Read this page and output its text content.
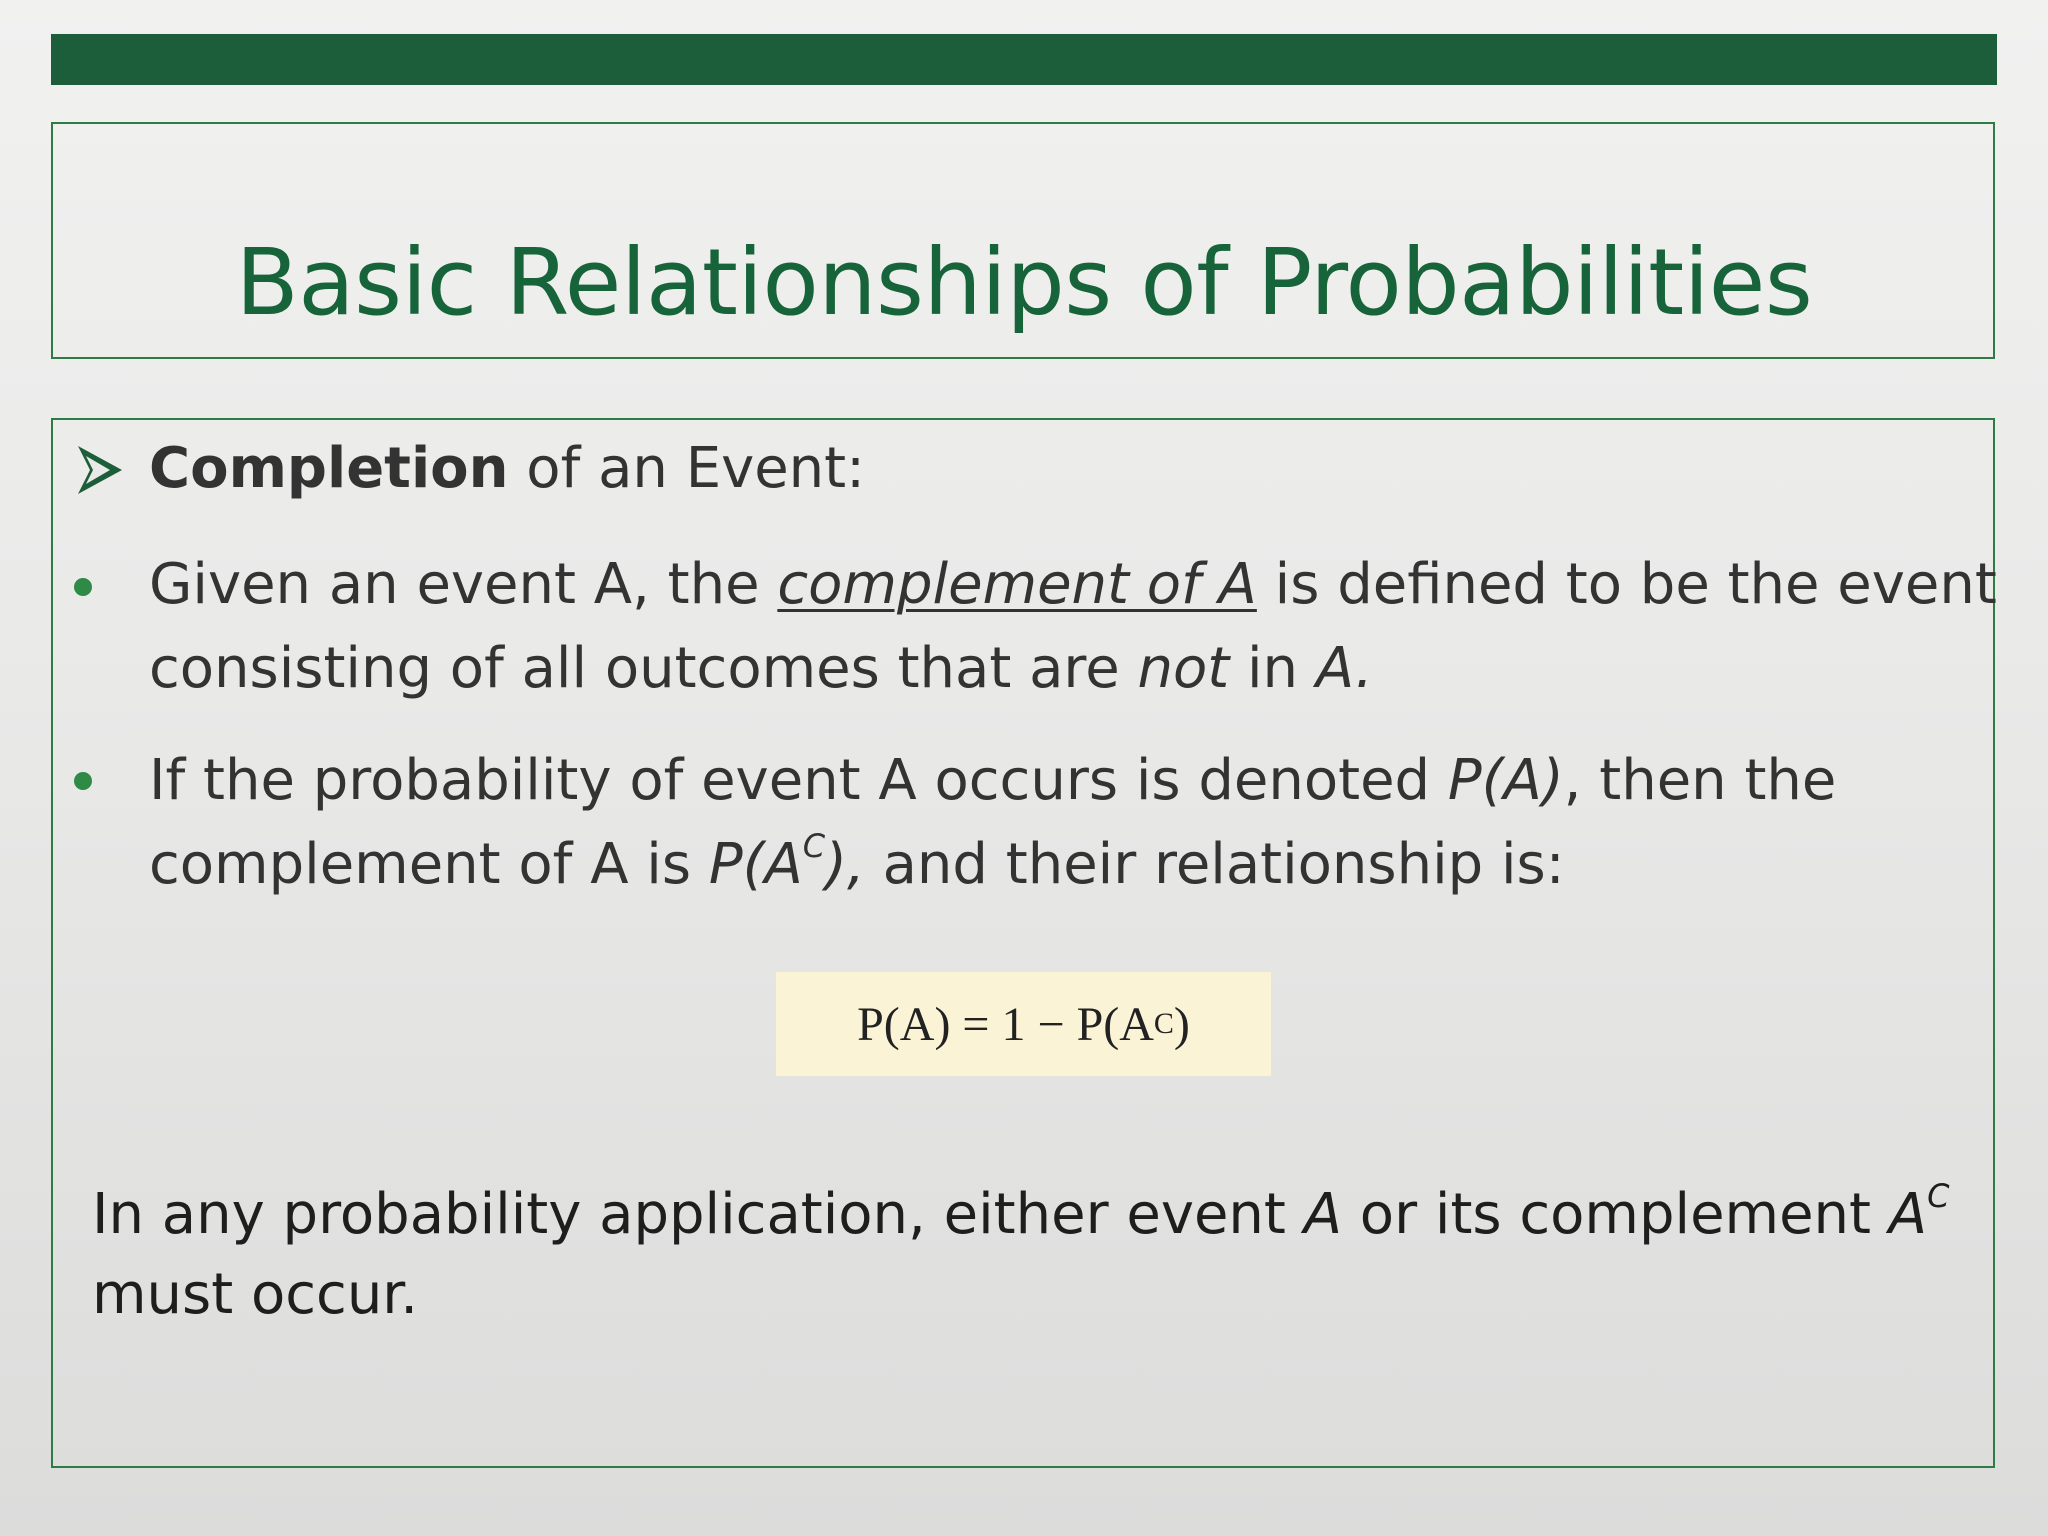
Basic Relationships of Probabilities
Completion of an Event:
Given an event A, the complement of A is defined to be the event
consisting of all outcomes that are not in A.
If the probability of event A occurs is denoted P(A), then the
complement of A is $P(A^C)$, and their relationship is:
P(A) = 1 − P(A C )
In any probability application, either event A or its complement $A^C$
must occur.
